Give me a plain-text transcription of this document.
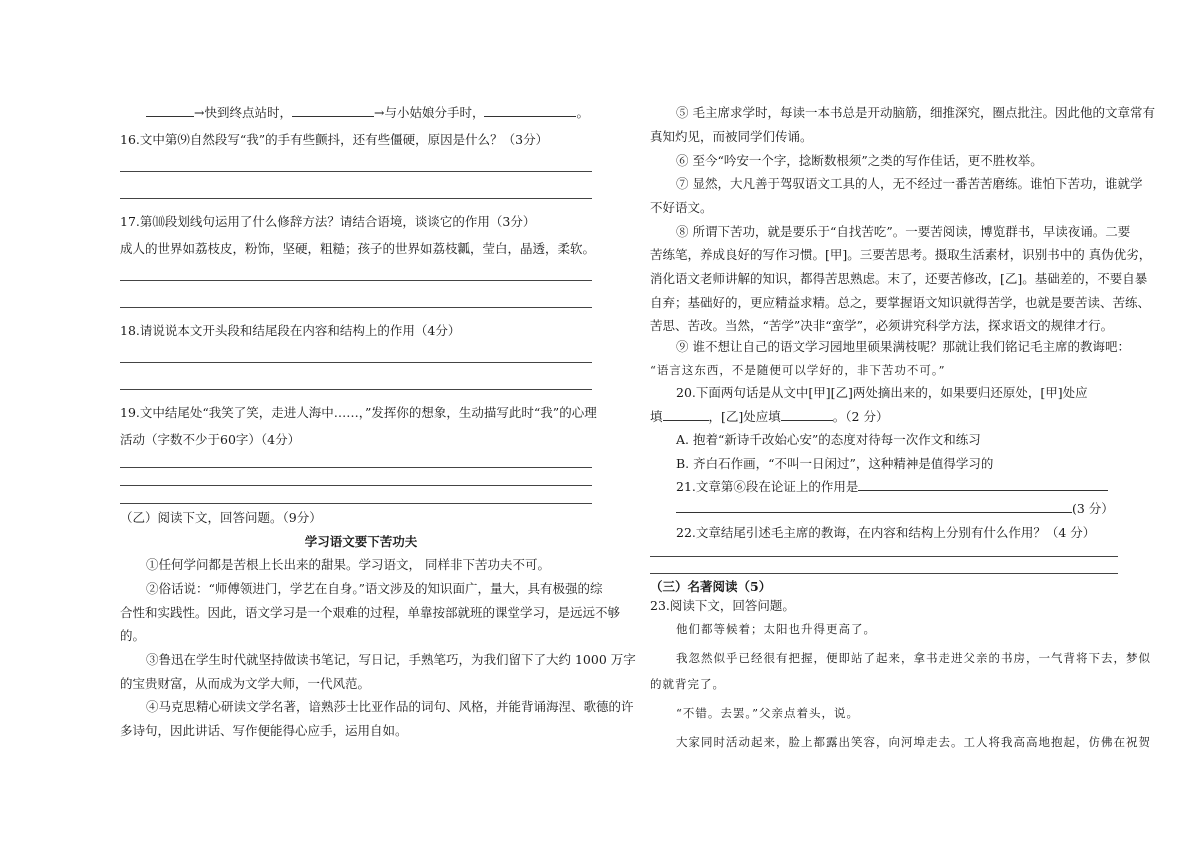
→快到终点站时，	→与小姑娘分手时，	。
16.文中第⑼自然段写“我”的手有些颤抖，还有些僵硬，原因是什么？（3分）
17.第⑽段划线句运用了什么修辞方法？请结合语境，谈谈它的作用（3分）
成人的世界如荔枝皮，粉饰，坚硬，粗糙；孩子的世界如荔枝瓤，莹白，晶透，柔软。
18.请说说本文开头段和结尾段在内容和结构上的作用（4分）
19.文中结尾处“我笑了笑，走进人海中……，”发挥你的想象，生动描写此时“我”的心理
活动（字数不少于60字）（4分）
（乙）阅读下文，回答问题。（9分）
学习语文要下苦功夫
①任何学问都是苦根上长出来的甜果。学习语文， 同样非下苦功夫不可。
②俗话说：“师傅领进门，学艺在自身。”语文涉及的知识面广，量大，具有极强的综
合性和实践性。因此，语文学习是一个艰难的过程，单靠按部就班的课堂学习，是远远不够
的。
③鲁迅在学生时代就坚持做读书笔记，写日记，手熟笔巧，为我们留下了大约 1000 万字
的宝贵财富，从而成为文学大师，一代风范。
④马克思精心研读文学名著，谙熟莎士比亚作品的词句、风格，并能背诵海涅、歌德的许
多诗句，因此讲话、写作便能得心应手，运用自如。
⑤ 毛主席求学时，每读一本书总是开动脑筋，细推深究，圈点批注。因此他的文章常有
真知灼见，而被同学们传诵。
⑥ 至今“吟安一个字，捻断数根须”之类的写作佳话，更不胜枚举。
⑦ 显然，大凡善于驾驭语文工具的人，无不经过一番苦苦磨练。谁怕下苦功，谁就学
不好语文。
⑧ 所谓下苦功，就是要乐于“自找苦吃”。一要苦阅读，博览群书，早读夜诵。二要
苦练笔，养成良好的写作习惯。[甲]。三要苦思考。摄取生活素材，识别书中的 真伪优劣，
消化语文老师讲解的知识，都得苦思熟虑。末了，还要苦修改，[乙]。基础差的，不要自暴
自弃；基础好的，更应精益求精。总之，要掌握语文知识就得苦学，也就是要苦读、苦练、
苦思、苦改。当然，“苦学”决非“蛮学”，必须讲究科学方法，探求语文的规律才行。
⑨ 谁不想让自己的语文学习园地里硕果满枝呢？那就让我们铭记毛主席的教诲吧：
“语言这东西，不是随便可以学好的，非下苦功不可。”
20.下面两句话是从文中[甲][乙]两处摘出来的，如果要归还原处，[甲]处应
填	，[乙]处应填	。（2 分）
A. 抱着“新诗千改始心安”的态度对待每一次作文和练习
B. 齐白石作画，“不叫一日闲过”，这种精神是值得学习的
21.文章第⑥段在论证上的作用是
(3 分）
22.文章结尾引述毛主席的教诲，在内容和结构上分别有什么作用？（4 分）
（三）名著阅读（5）
23.阅读下文，回答问题。
他们都等候着；太阳也升得更高了。
我忽然似乎已经很有把握，便即站了起来，拿书走进父亲的书房，一气背将下去，梦似
的就背完了。
“不错。去罢。”父亲点着头，说。
大家同时活动起来，脸上都露出笑容，向河埠走去。工人将我高高地抱起，仿佛在祝贺
